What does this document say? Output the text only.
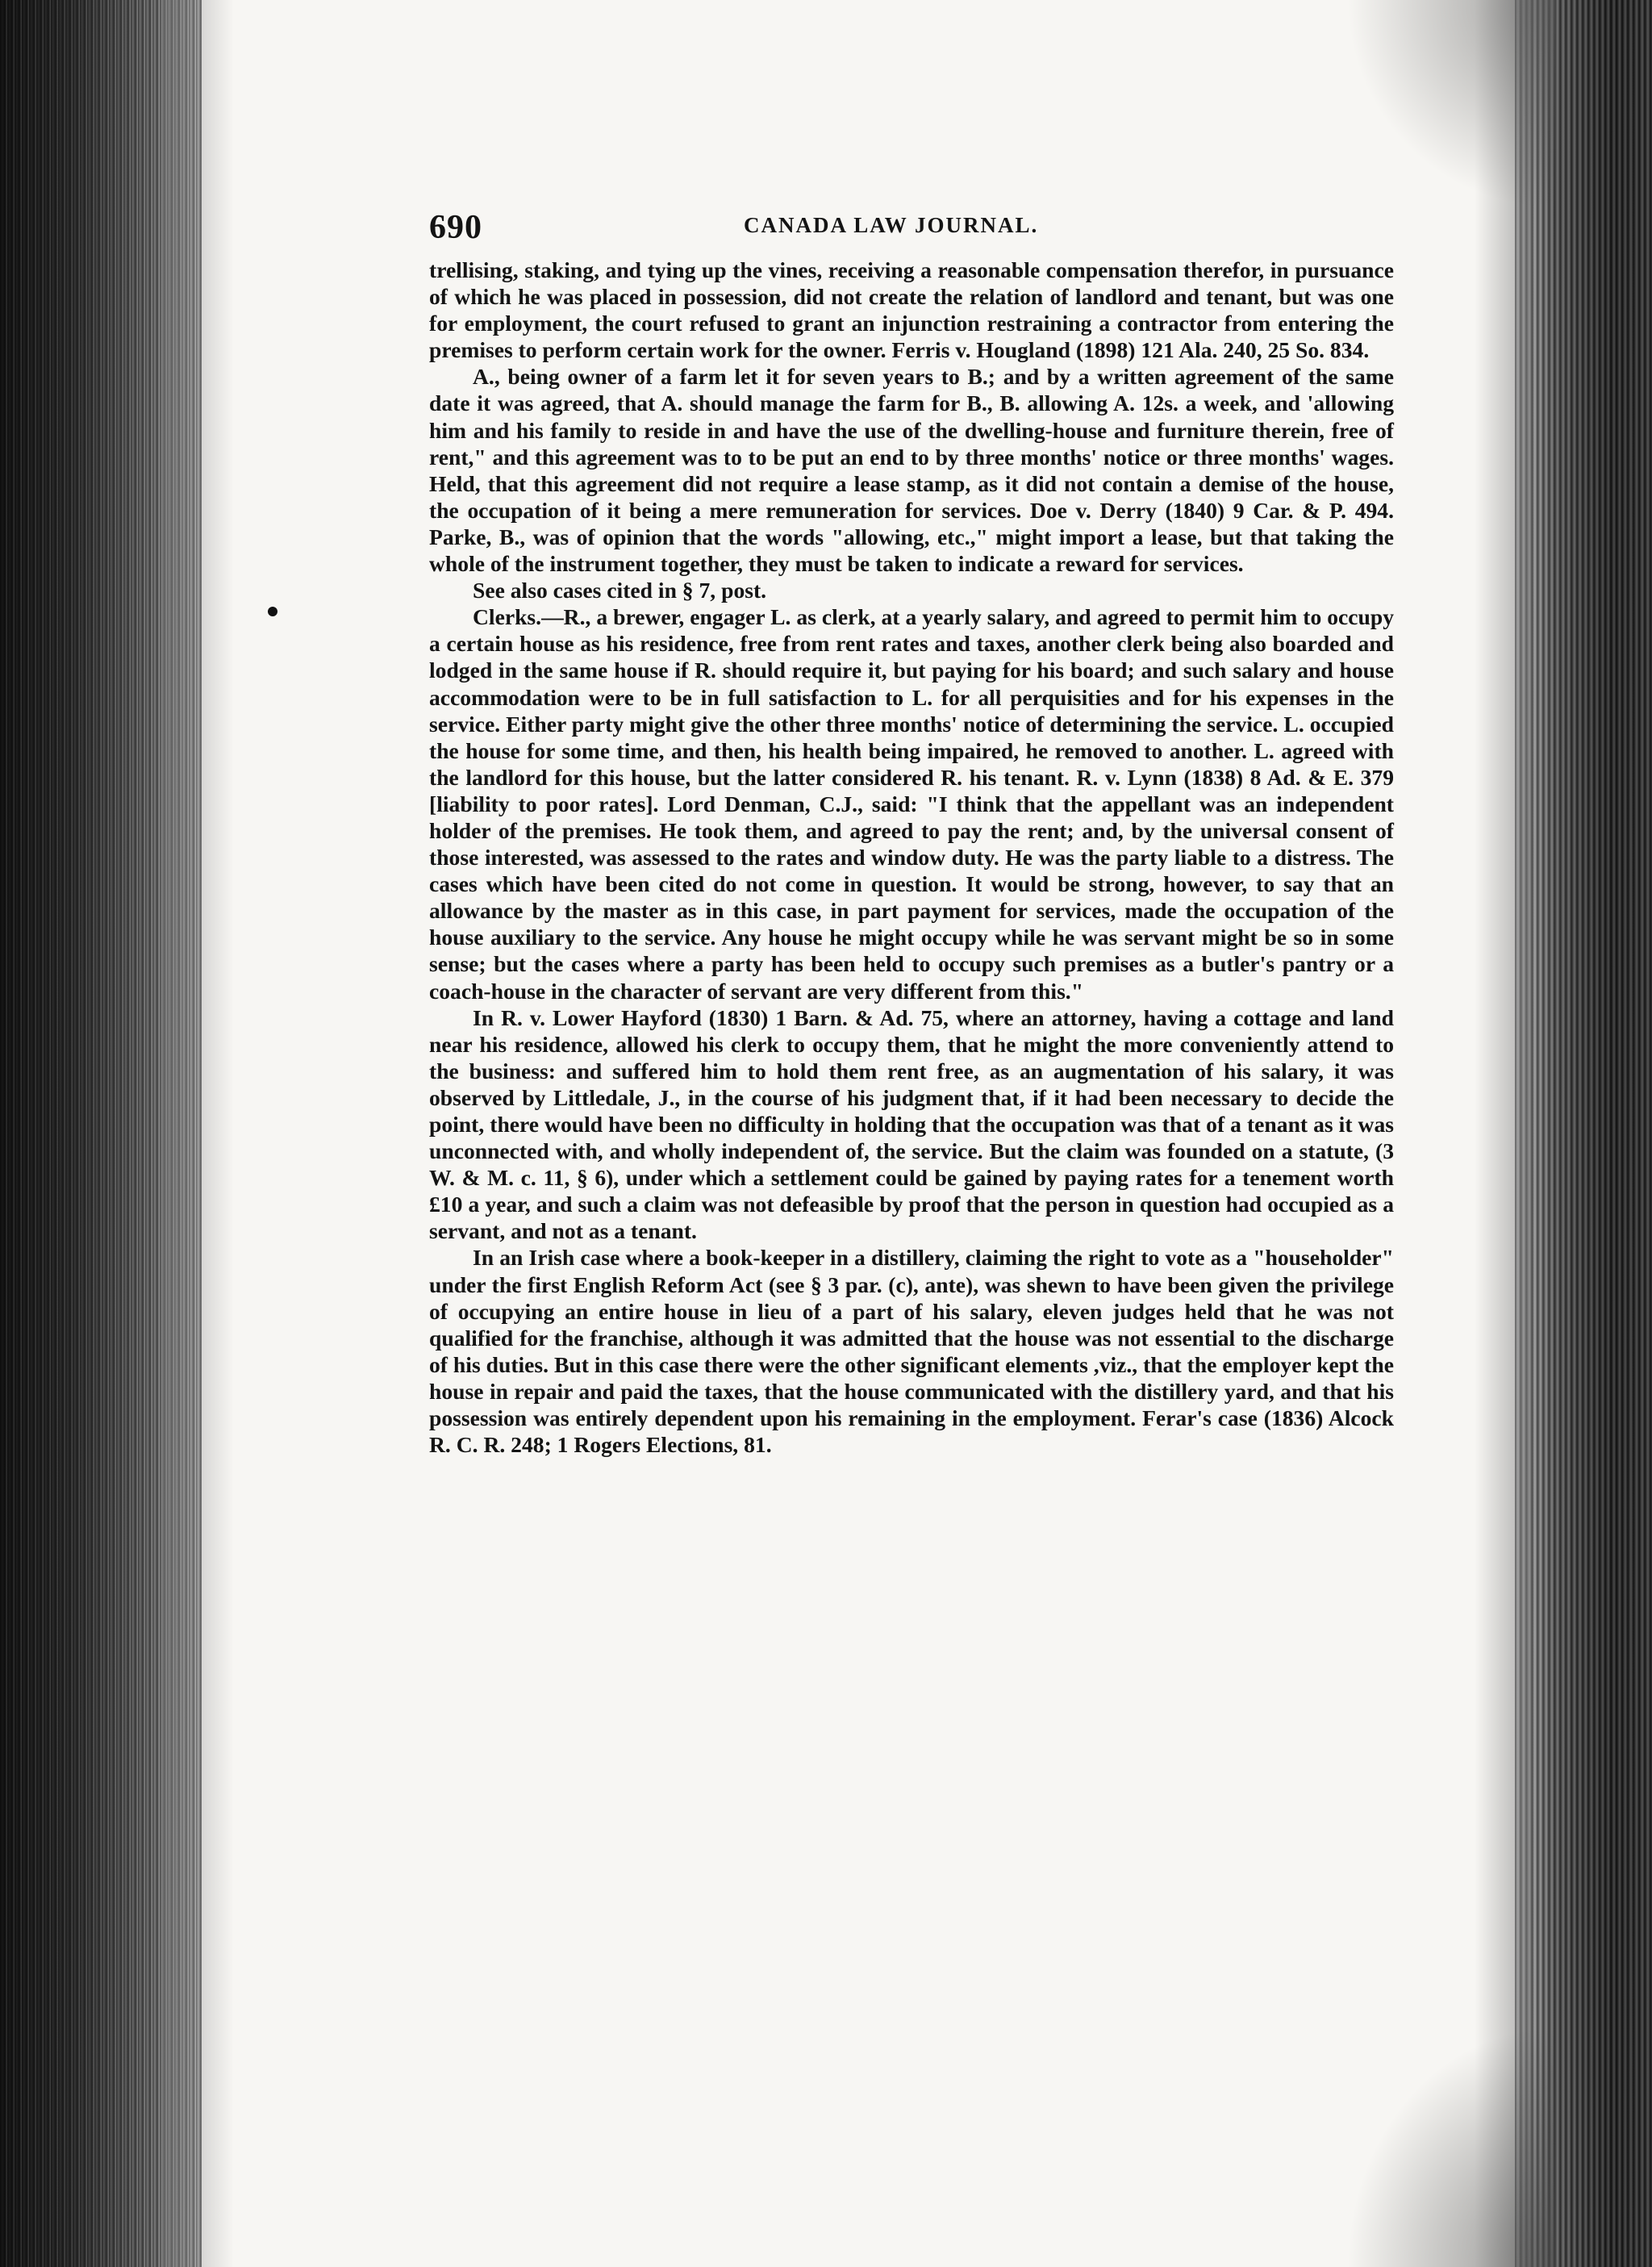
690	CANADA LAW JOURNAL.

trellising, staking, and tying up the vines, receiving a reasonable compensation therefor, in pursuance of which he was placed in possession, did not create the relation of landlord and tenant, but was one for employment, the court refused to grant an injunction restraining a contractor from entering the premises to perform certain work for the owner. Ferris v. Hougland (1898) 121 Ala. 240, 25 So. 834.

A., being owner of a farm let it for seven years to B.; and by a written agreement of the same date it was agreed, that A. should manage the farm for B., B. allowing A. 12s. a week, and 'allowing him and his family to reside in and have the use of the dwelling-house and furniture therein, free of rent," and this agreement was to to be put an end to by three months' notice or three months' wages. Held, that this agreement did not require a lease stamp, as it did not contain a demise of the house, the occupation of it being a mere remuneration for services. Doe v. Derry (1840) 9 Car. & P. 494. Parke, B., was of opinion that the words "allowing, etc.," might import a lease, but that taking the whole of the instrument together, they must be taken to indicate a reward for services.

See also cases cited in § 7, post.

Clerks.—R., a brewer, engager L. as clerk, at a yearly salary, and agreed to permit him to occupy a certain house as his residence, free from rent rates and taxes, another clerk being also boarded and lodged in the same house if R. should require it, but paying for his board; and such salary and house accommodation were to be in full satisfaction to L. for all perquisities and for his expenses in the service. Either party might give the other three months' notice of determining the service. L. occupied the house for some time, and then, his health being impaired, he removed to another. L. agreed with the landlord for this house, but the latter considered R. his tenant. R. v. Lynn (1838) 8 Ad. & E. 379 [liability to poor rates]. Lord Denman, C.J., said: "I think that the appellant was an independent holder of the premises. He took them, and agreed to pay the rent; and, by the universal consent of those interested, was assessed to the rates and window duty. He was the party liable to a distress. The cases which have been cited do not come in question. It would be strong, however, to say that an allowance by the master as in this case, in part payment for services, made the occupation of the house auxiliary to the service. Any house he might occupy while he was servant might be so in some sense; but the cases where a party has been held to occupy such premises as a butler's pantry or a coach-house in the character of servant are very different from this."

In R. v. Lower Hayford (1830) 1 Barn. & Ad. 75, where an attorney, having a cottage and land near his residence, allowed his clerk to occupy them, that he might the more conveniently attend to the business: and suffered him to hold them rent free, as an augmentation of his salary, it was observed by Littledale, J., in the course of his judgment that, if it had been necessary to decide the point, there would have been no difficulty in holding that the occupation was that of a tenant as it was unconnected with, and wholly independent of, the service. But the claim was founded on a statute, (3 W. & M. c. 11, § 6), under which a settlement could be gained by paying rates for a tenement worth £10 a year, and such a claim was not defeasible by proof that the person in question had occupied as a servant, and not as a tenant.

In an Irish case where a book-keeper in a distillery, claiming the right to vote as a "householder" under the first English Reform Act (see § 3 par. (c), ante), was shewn to have been given the privilege of occupying an entire house in lieu of a part of his salary, eleven judges held that he was not qualified for the franchise, although it was admitted that the house was not essential to the discharge of his duties. But in this case there were the other significant elements ,viz., that the employer kept the house in repair and paid the taxes, that the house communicated with the distillery yard, and that his possession was entirely dependent upon his remaining in the employment. Ferar's case (1836) Alcock R. C. R. 248; 1 Rogers Elections, 81.
